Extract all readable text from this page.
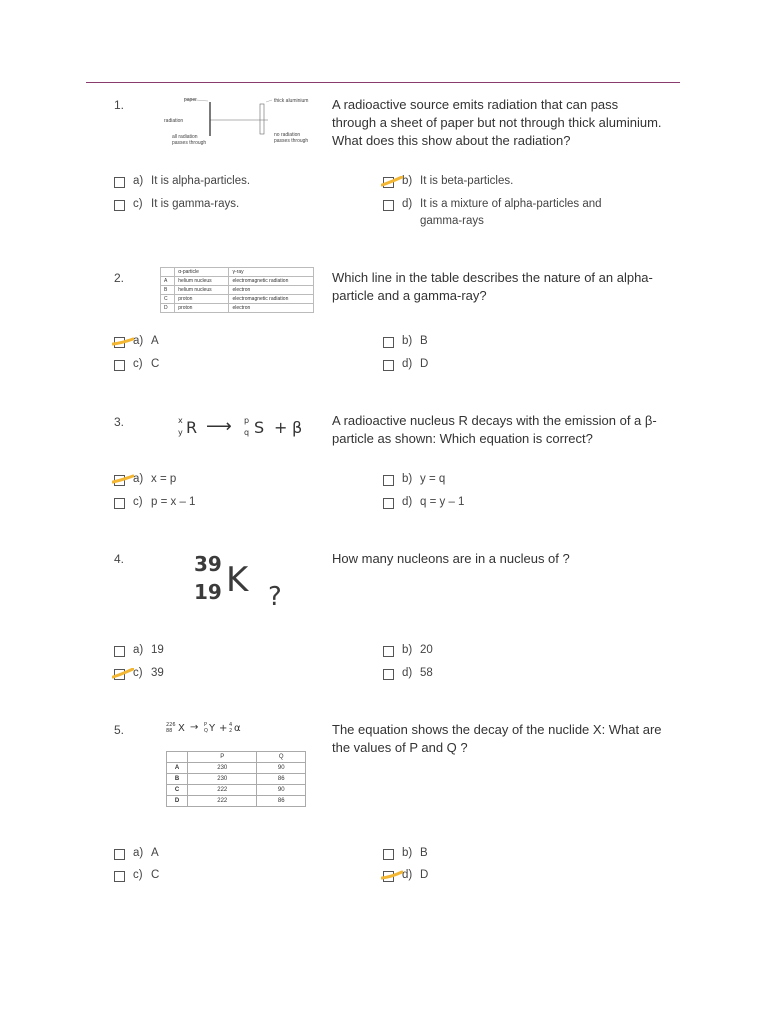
1.	paper
radiation
all radiation
passes through
thick aluminium
no radiation
passes through
A radioactive source emits radiation that can pass through a sheet of paper but not through thick aluminium. What does this show about the radiation?
a) It is alpha-particles.	b) It is beta-particles.
c) It is gamma-rays.	d) It is a mixture of alpha-particles and gamma-rays
2.
		α-particle	γ-ray
A	helium nucleus	electromagnetic radiation
B	helium nucleus	electron
C	proton	electromagnetic radiation
D	proton	electron
Which line in the table describes the nature of an alpha-particle and a gamma-ray?
a) A	b) B
c) C	d) D
3.	x
y R ⟶ p
q S + β A radioactive nucleus R decays with the emission of a β-particle as shown: Which equation is correct?
a) x = p	b) y = q
c) p = x – 1	d) q = y – 1
4.	39
19 K ?
How many nucleons are in a nucleus of ?
a) 19	b) 20
c) 39	d) 58
5.	226
88 X → P
Q Y + 4
2 α
	P	Q
A	230	90
B	230	86
C	222	90
D	222	86
The equation shows the decay of the nuclide X: What are the values of P and Q ?
a) A	b) B
c) C	d) D
